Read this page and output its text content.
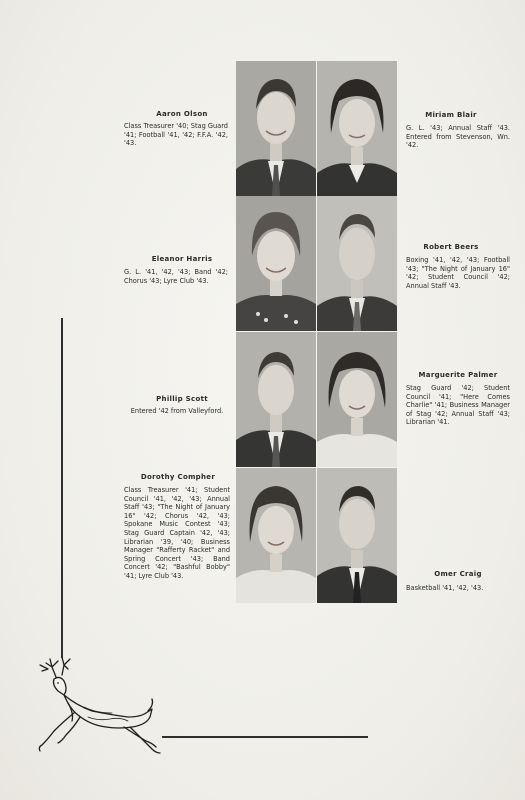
Aaron Olson
Class Treasurer '40; Stag Guard '41; Football '41, '42; F.F.A. '42, '43.
Miriam Blair
G. L. '43; Annual Staff '43. Entered from Stevenson, Wn. '42.
Eleanor Harris
G. L. '41, '42, '43; Band '42; Chorus '43; Lyre Club '43.
Robert Beers
Boxing '41, '42, '43; Football '43; "The Night of January 16" '42; Student Council '42; Annual Staff '43.
Phillip Scott
Entered '42 from Valleyford.
Marguerite Palmer
Stag Guard '42; Student Council '41; "Here Comes Charlie" '41; Business Manager of Stag '42; Annual Staff '43; Librarian '41.
Dorothy Compher
Class Treasurer '41; Student Council '41, '42, '43; Annual Staff '43; "The Night of January 16" '42; Chorus '42, '43; Spokane Music Contest '43; Stag Guard Captain '42, '43; Librarian '39, '40; Business Manager "Rafferty Racket" and Spring Concert '43; Band Concert '42; "Bashful Bobby" '41; Lyre Club '43.	Omer Craig
Basketball '41, '42, '43.
